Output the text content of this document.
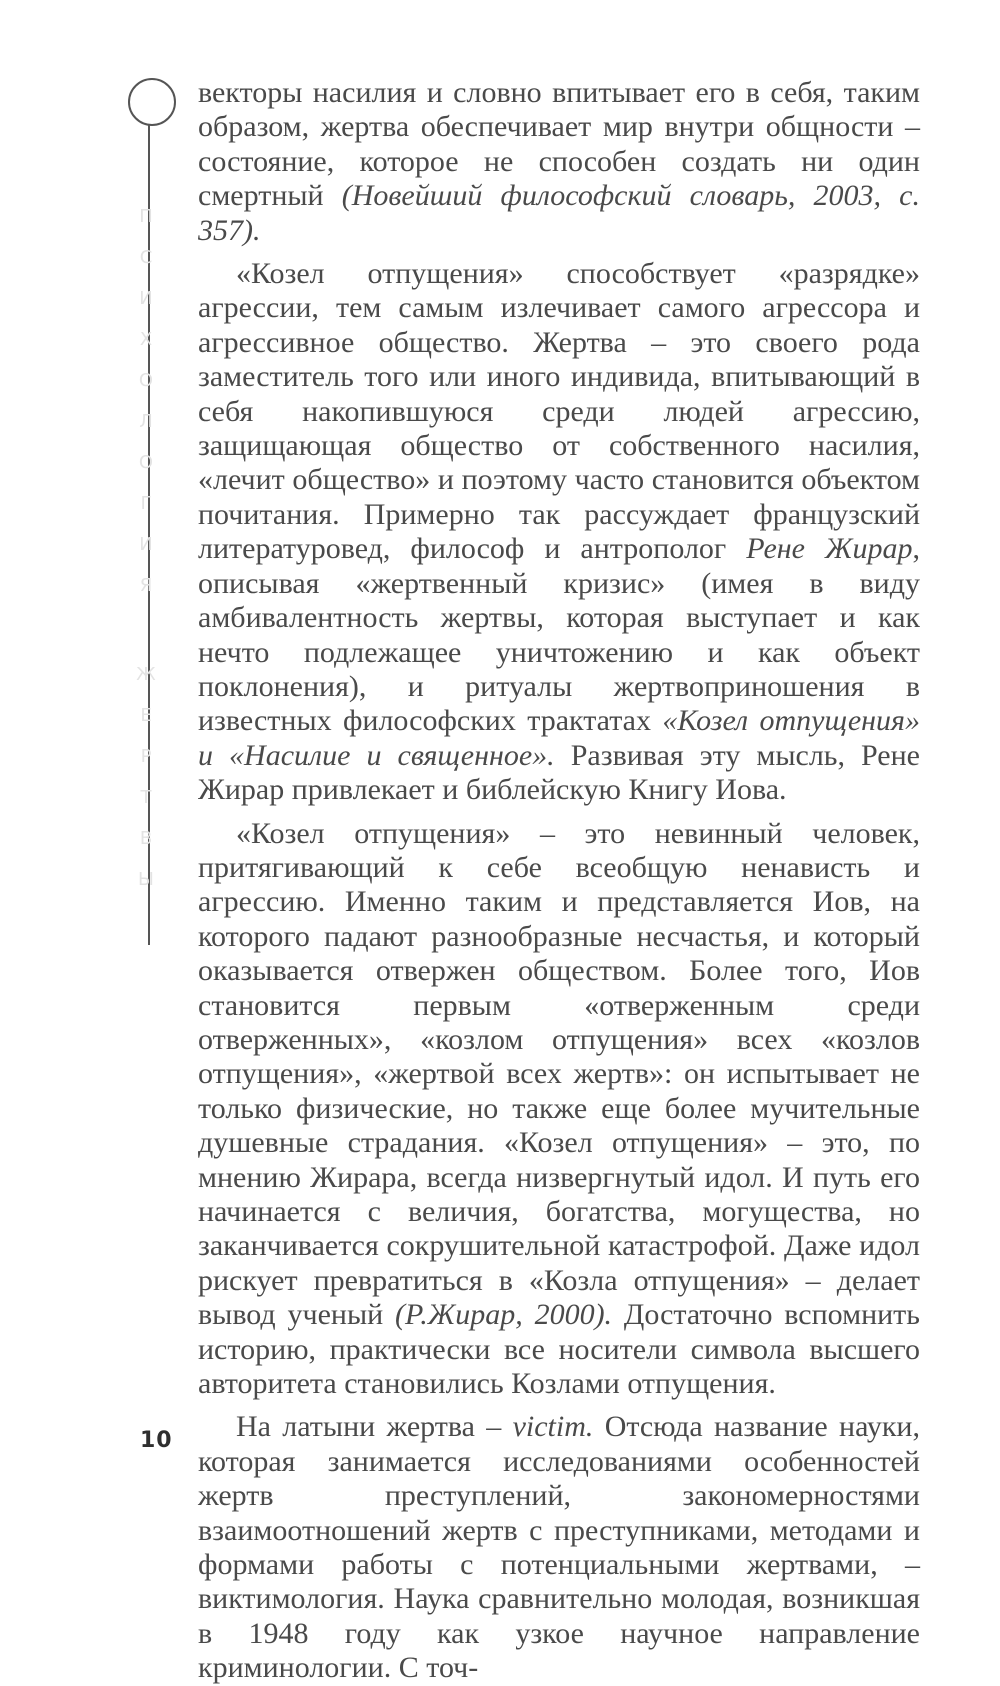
П
С
И
Х
О
Л
О
Г
И
Я
Ж
Е
Р
Т
В
Ы

векторы насилия и словно впитывает его в себя, таким образом, жертва обеспечивает мир внутри общности – состояние, которое не способен создать ни один смертный (Новейший философский словарь, 2003, с. 357).

«Козел отпущения» способствует «разрядке» агрессии, тем самым излечивает самого агрессора и агрессивное общество. Жертва – это своего рода заместитель того или иного индивида, впитывающий в себя накопившуюся среди людей агрессию, защищающая общество от собственного насилия, «лечит общество» и поэтому часто становится объектом почитания. Примерно так рассуждает французский литературовед, философ и антрополог Рене Жирар, описывая «жертвенный кризис» (имея в виду амбивалентность жертвы, которая выступает и как нечто подлежащее уничтожению и как объект поклонения), и ритуалы жертвоприношения в известных философских трактатах «Козел отпущения» и «Насилие и священное». Развивая эту мысль, Рене Жирар привлекает и библейскую Книгу Иова.

«Козел отпущения» – это невинный человек, притягивающий к себе всеобщую ненависть и агрессию. Именно таким и представляется Иов, на которого падают разнообразные несчастья, и который оказывается отвержен обществом. Более того, Иов становится первым «отверженным среди отверженных», «козлом отпущения» всех «козлов отпущения», «жертвой всех жертв»: он испытывает не только физические, но также еще более мучительные душевные страдания. «Козел отпущения» – это, по мнению Жирара, всегда низвергнутый идол. И путь его начинается с величия, богатства, могущества, но заканчивается сокрушительной катастрофой. Даже идол рискует превратиться в «Козла отпущения» – делает вывод ученый (Р.Жирар, 2000). Достаточно вспомнить историю, практически все носители символа высшего авторитета становились Козлами отпущения.

На латыни жертва – victim. Отсюда название науки, которая занимается исследованиями особенностей жертв преступлений, закономерностями взаимоотношений жертв с преступниками, методами и формами работы с потенциальными жертвами, – виктимология. Наука сравнительно молодая, возникшая в 1948 году как узкое научное направление криминологии. С точ-

10
